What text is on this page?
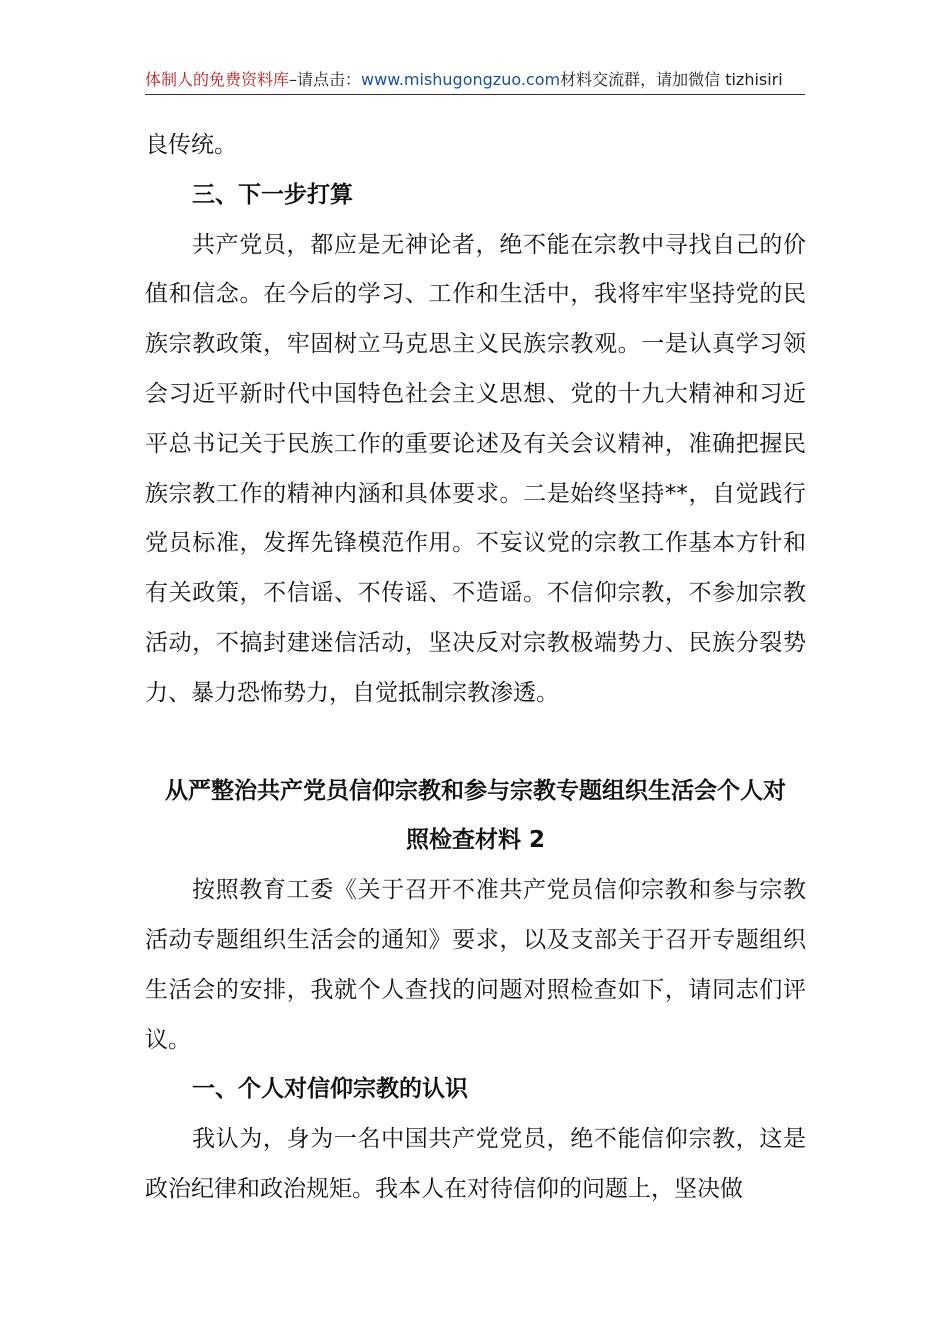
体制人的免费资料库–请点击：www.mishugongzuo.com材料交流群，请加微信 tizhisiri

良传统。

三、下一步打算

共产党员，都应是无神论者，绝不能在宗教中寻找自己的价值和信念。在今后的学习、工作和生活中，我将牢牢坚持党的民族宗教政策，牢固树立马克思主义民族宗教观。一是认真学习领会习近平新时代中国特色社会主义思想、党的十九大精神和习近平总书记关于民族工作的重要论述及有关会议精神，准确把握民族宗教工作的精神内涵和具体要求。二是始终坚持**，自觉践行党员标准，发挥先锋模范作用。不妄议党的宗教工作基本方针和有关政策，不信谣、不传谣、不造谣。不信仰宗教，不参加宗教活动，不搞封建迷信活动，坚决反对宗教极端势力、民族分裂势力、暴力恐怖势力，自觉抵制宗教渗透。

从严整治共产党员信仰宗教和参与宗教专题组织生活会个人对

照检查材料 2

按照教育工委《关于召开不准共产党员信仰宗教和参与宗教活动专题组织生活会的通知》要求，以及支部关于召开专题组织生活会的安排，我就个人查找的问题对照检查如下，请同志们评议。

一、个人对信仰宗教的认识

我认为，身为一名中国共产党党员，绝不能信仰宗教，这是政治纪律和政治规矩。我本人在对待信仰的问题上，坚决做
